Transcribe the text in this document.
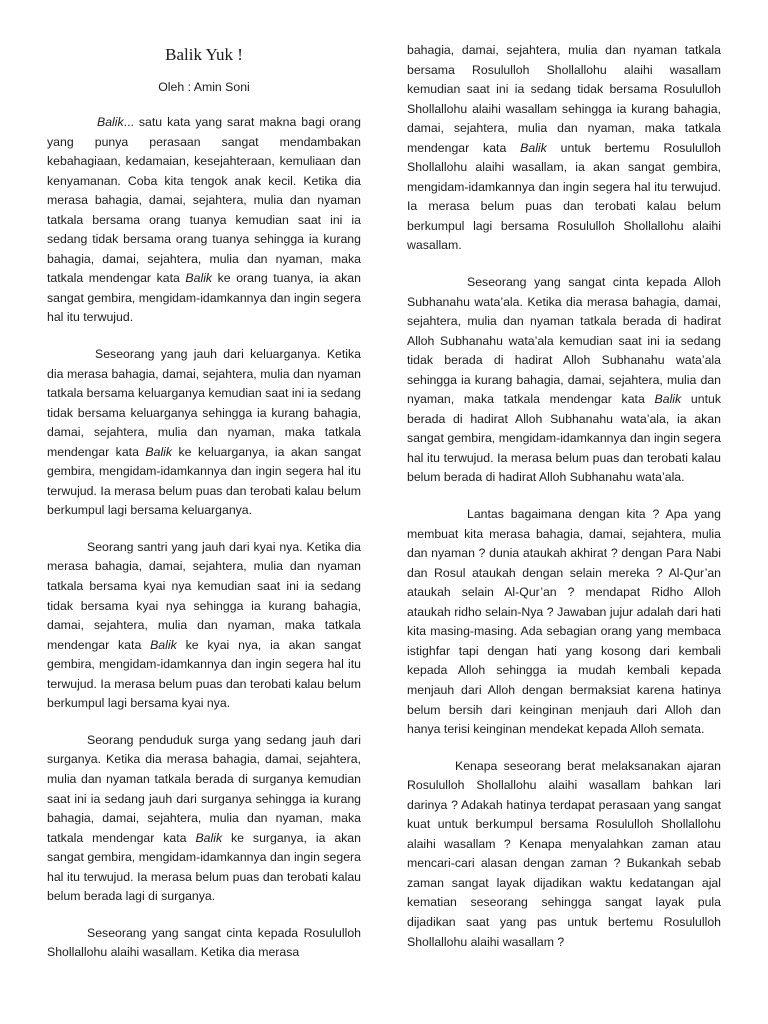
Balik Yuk !
Oleh : Amin Soni

Balik... satu kata yang sarat makna bagi orang yang punya perasaan sangat mendambakan kebahagiaan, kedamaian, kesejahteraan, kemuliaan dan kenyamanan. Coba kita tengok anak kecil. Ketika dia merasa bahagia, damai, sejahtera, mulia dan nyaman tatkala bersama orang tuanya kemudian saat ini ia sedang tidak bersama orang tuanya sehingga ia kurang bahagia, damai, sejahtera, mulia dan nyaman, maka tatkala mendengar kata Balik ke orang tuanya, ia akan sangat gembira, mengidam-idamkannya dan ingin segera hal itu terwujud.

Seseorang yang jauh dari keluarganya. Ketika dia merasa bahagia, damai, sejahtera, mulia dan nyaman tatkala bersama keluarganya kemudian saat ini ia sedang tidak bersama keluarganya sehingga ia kurang bahagia, damai, sejahtera, mulia dan nyaman, maka tatkala mendengar kata Balik ke keluarganya, ia akan sangat gembira, mengidam-idamkannya dan ingin segera hal itu terwujud. Ia merasa belum puas dan terobati kalau belum berkumpul lagi bersama keluarganya.

Seorang santri yang jauh dari kyai nya. Ketika dia merasa bahagia, damai, sejahtera, mulia dan nyaman tatkala bersama kyai nya kemudian saat ini ia sedang tidak bersama kyai nya sehingga ia kurang bahagia, damai, sejahtera, mulia dan nyaman, maka tatkala mendengar kata Balik ke kyai nya, ia akan sangat gembira, mengidam-idamkannya dan ingin segera hal itu terwujud. Ia merasa belum puas dan terobati kalau belum berkumpul lagi bersama kyai nya.

Seorang penduduk surga yang sedang jauh dari surganya. Ketika dia merasa bahagia, damai, sejahtera, mulia dan nyaman tatkala berada di surganya kemudian saat ini ia sedang jauh dari surganya sehingga ia kurang bahagia, damai, sejahtera, mulia dan nyaman, maka tatkala mendengar kata Balik ke surganya, ia akan sangat gembira, mengidam-idamkannya dan ingin segera hal itu terwujud. Ia merasa belum puas dan terobati kalau belum berada lagi di surganya.

Seseorang yang sangat cinta kepada Rosululloh Shollallohu alaihi wasallam. Ketika dia merasa

bahagia, damai, sejahtera, mulia dan nyaman tatkala bersama Rosululloh Shollallohu alaihi wasallam kemudian saat ini ia sedang tidak bersama Rosululloh Shollallohu alaihi wasallam sehingga ia kurang bahagia, damai, sejahtera, mulia dan nyaman, maka tatkala mendengar kata Balik untuk bertemu Rosululloh Shollallohu alaihi wasallam, ia akan sangat gembira, mengidam-idamkannya dan ingin segera hal itu terwujud. Ia merasa belum puas dan terobati kalau belum berkumpul lagi bersama Rosululloh Shollallohu alaihi wasallam.

Seseorang yang sangat cinta kepada Alloh Subhanahu wata’ala. Ketika dia merasa bahagia, damai, sejahtera, mulia dan nyaman tatkala berada di hadirat Alloh Subhanahu wata’ala kemudian saat ini ia sedang tidak berada di hadirat Alloh Subhanahu wata’ala sehingga ia kurang bahagia, damai, sejahtera, mulia dan nyaman, maka tatkala mendengar kata Balik untuk berada di hadirat Alloh Subhanahu wata’ala, ia akan sangat gembira, mengidam-idamkannya dan ingin segera hal itu terwujud. Ia merasa belum puas dan terobati kalau belum berada di hadirat Alloh Subhanahu wata’ala.

Lantas bagaimana dengan kita ? Apa yang membuat kita merasa bahagia, damai, sejahtera, mulia dan nyaman ? dunia ataukah akhirat ? dengan Para Nabi dan Rosul ataukah dengan selain mereka ? Al-Qur’an ataukah selain Al-Qur’an ? mendapat Ridho Alloh ataukah ridho selain-Nya ? Jawaban jujur adalah dari hati kita masing-masing. Ada sebagian orang yang membaca istighfar tapi dengan hati yang kosong dari kembali kepada Alloh sehingga ia mudah kembali kepada menjauh dari Alloh dengan bermaksiat karena hatinya belum bersih dari keinginan menjauh dari Alloh dan hanya terisi keinginan mendekat kepada Alloh semata.

Kenapa seseorang berat melaksanakan ajaran Rosululloh Shollallohu alaihi wasallam bahkan lari darinya ? Adakah hatinya terdapat perasaan yang sangat kuat untuk berkumpul bersama Rosululloh Shollallohu alaihi wasallam ? Kenapa menyalahkan zaman atau mencari-cari alasan dengan zaman ? Bukankah sebab zaman sangat layak dijadikan waktu kedatangan ajal kematian seseorang sehingga sangat layak pula dijadikan saat yang pas untuk bertemu Rosululloh Shollallohu alaihi wasallam ?
